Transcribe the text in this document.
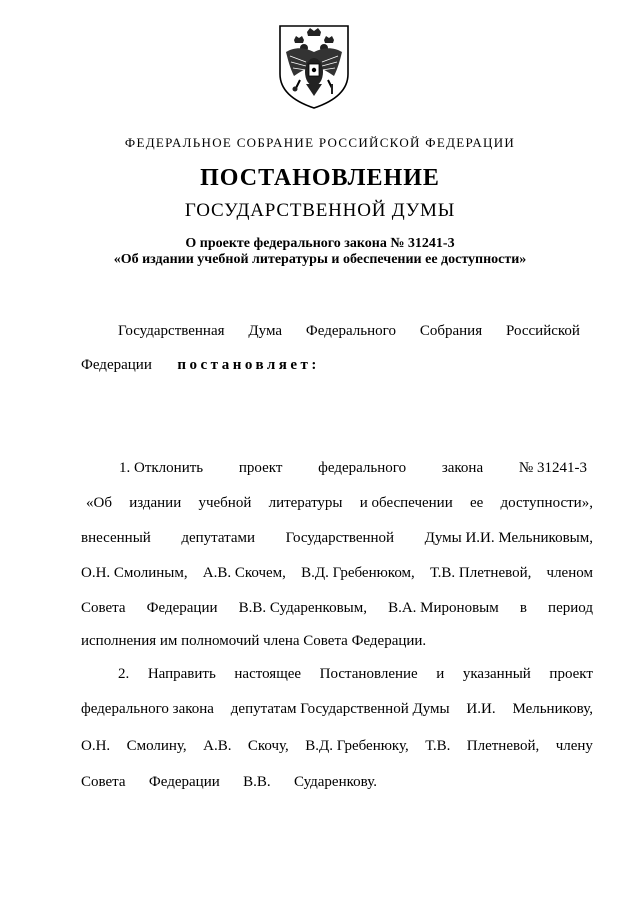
ФЕДЕРАЛЬНОЕ СОБРАНИЕ РОССИЙСКОЙ ФЕДЕРАЦИИ
ПОСТАНОВЛЕНИЕ
ГОСУДАРСТВЕННОЙ ДУМЫ
О проекте федерального закона № 31241-3
«Об издании учебной литературы и обеспечении ее доступности»
Государственная Дума Федерального Собрания Российской
Федерации постановляет:
1. Отклонить проект федерального закона № 31241-3
«Об издании учебной литературы и обеспечении ее доступности»,
внесенный депутатами Государственной Думы И.И. Мельниковым,
О.Н. Смолиным, А.В. Скочем, В.Д. Гребенюком, Т.В. Плетневой, членом
Совета Федерации В.В. Судаpенковым, В.А. Мироновым в период
исполнения им полномочий члена Совета Федерации.
2. Направить настоящее Постановление и указанный проект
федерального закона депутатам Государственной Думы И.И. Мельникову,
О.Н. Смолину, А.В. Скочу, В.Д. Гребенюку, Т.В. Плетневой, члену
Совета Федерации В.В. Судаpенкову.
